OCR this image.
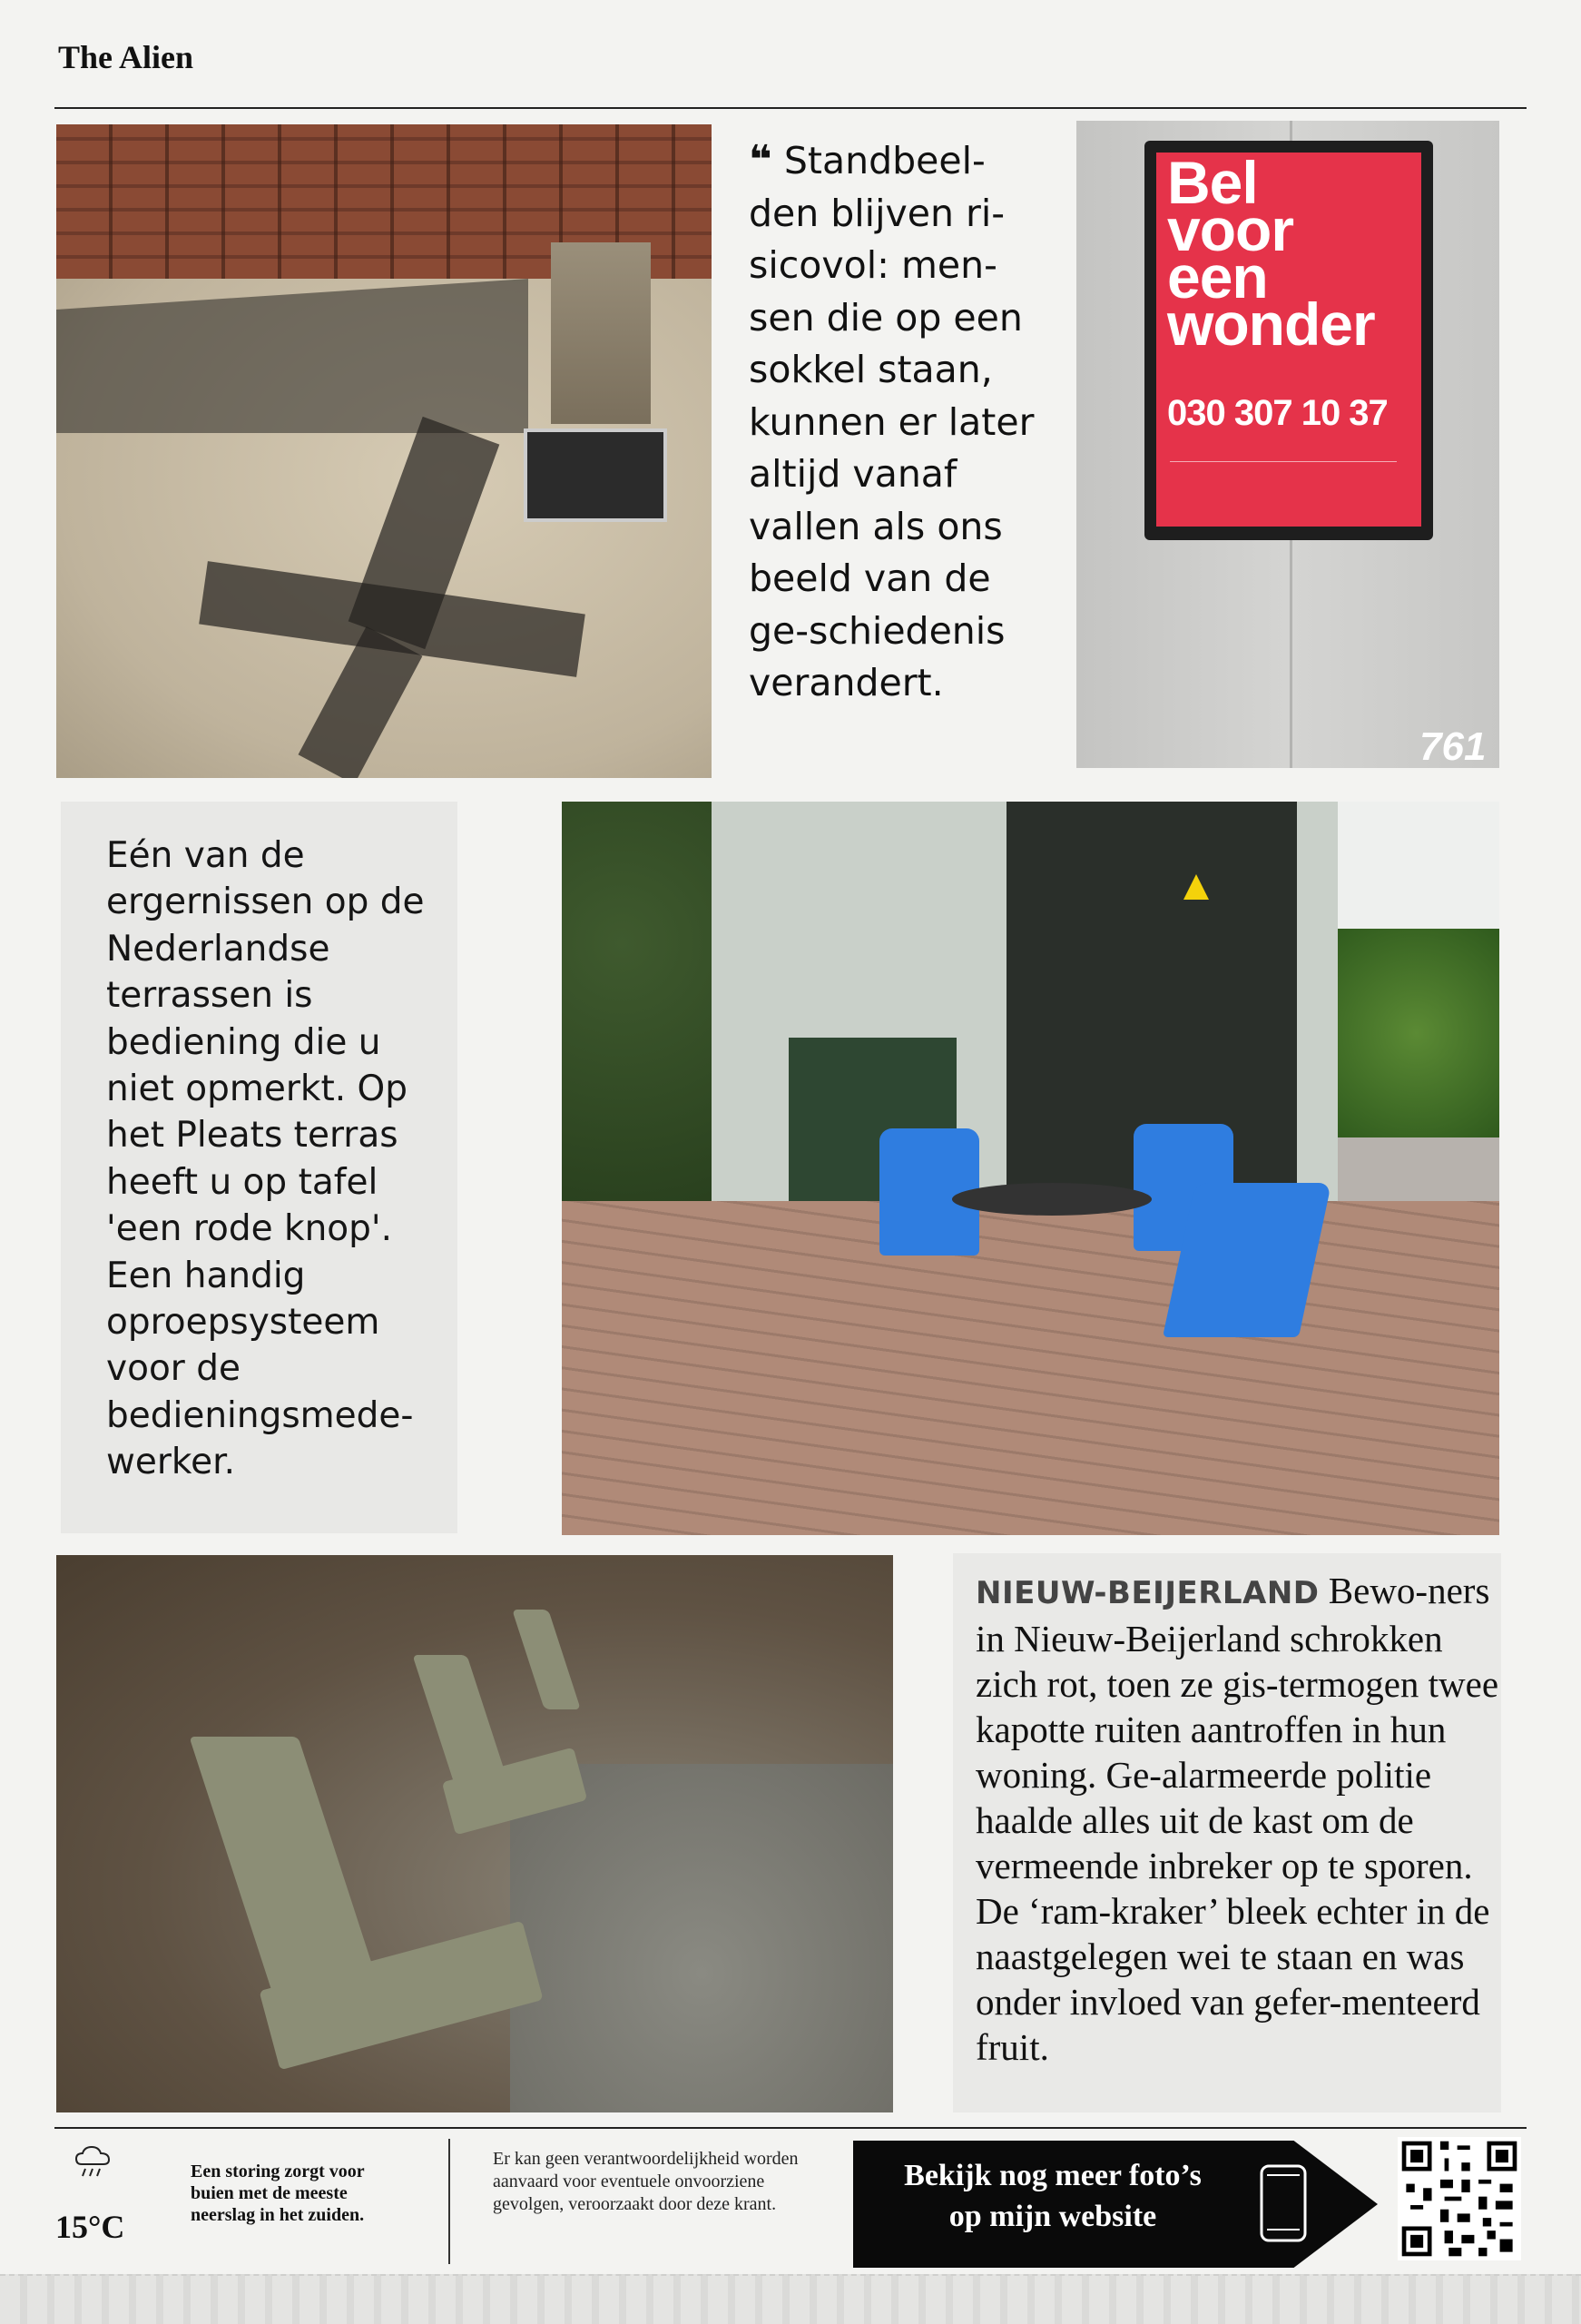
The Alien
❝ Standbeel-den blijven ri-sicovol: men-sen die op een sokkel staan, kunnen er later altijd vanaf vallen als ons beeld van de ge-schiedenis verandert.
Bel
voor
een
wonder
030 307 10 37
761
Eén van de ergernissen op de Nederlandse terrassen is bediening die u niet opmerkt. Op het Pleats terras heeft u op tafel 'een rode knop'. Een handig oproepsysteem voor de bedieningsmede-werker.
NIEUW-BEIJERLAND Bewo-ners in Nieuw-Beijerland schrokken zich rot, toen ze gis-termogen twee kapotte ruiten aantroffen in hun woning. Ge-alarmeerde politie haalde alles uit de kast om de vermeende inbreker op te sporen. De ‘ram-kraker’ bleek echter in de naastgelegen wei te staan en was onder invloed van gefer-menteerd fruit.
15°C
Een storing zorgt voor buien met de meeste neerslag in het zuiden.
Er kan geen verantwoordelijkheid worden aanvaard voor eventuele onvoorziene gevolgen, veroorzaakt door deze krant.
Bekijk nog meer foto’s
op mijn website
